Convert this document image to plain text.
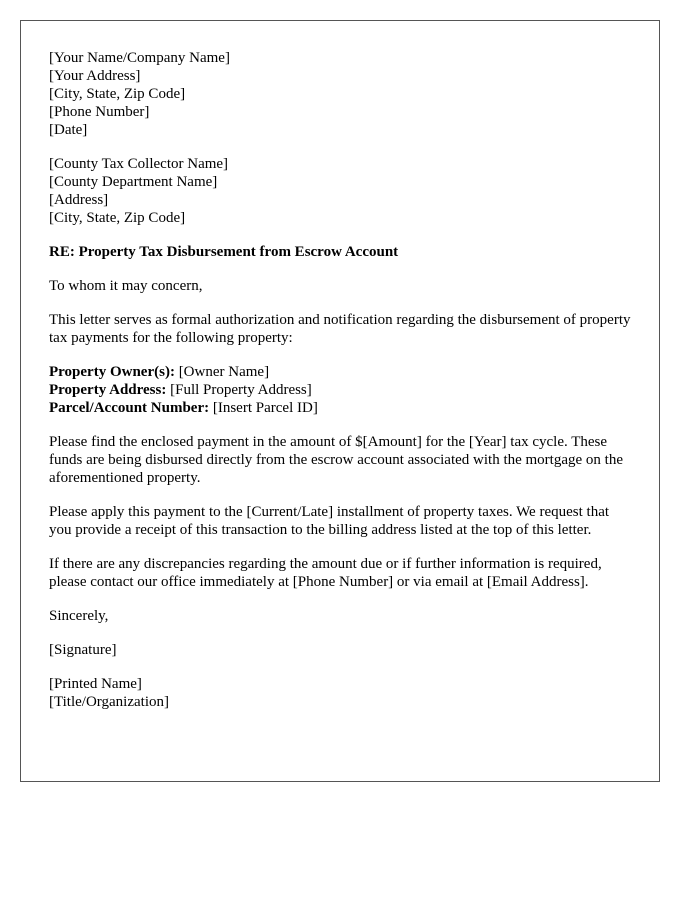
[Your Name/Company Name]
[Your Address]
[City, State, Zip Code]
[Phone Number]
[Date]
[County Tax Collector Name]
[County Department Name]
[Address]
[City, State, Zip Code]

RE: Property Tax Disbursement from Escrow Account

To whom it may concern,

This letter serves as formal authorization and notification regarding the disbursement of property tax payments for the following property:

Property Owner(s): [Owner Name]
Property Address: [Full Property Address]
Parcel/Account Number: [Insert Parcel ID]

Please find the enclosed payment in the amount of $[Amount] for the [Year] tax cycle. These funds are being disbursed directly from the escrow account associated with the mortgage on the aforementioned property.

Please apply this payment to the [Current/Late] installment of property taxes. We request that you provide a receipt of this transaction to the billing address listed at the top of this letter.

If there are any discrepancies regarding the amount due or if further information is required, please contact our office immediately at [Phone Number] or via email at [Email Address].

Sincerely,

[Signature]

[Printed Name]
[Title/Organization]
